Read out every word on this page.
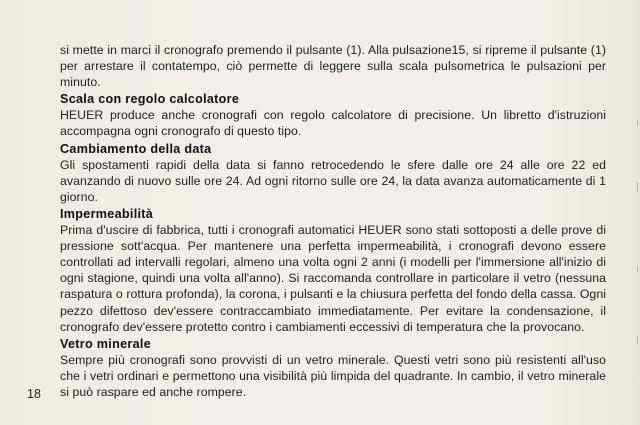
si mette in marci il cronografo premendo il pulsante (1). Alla pulsazione15, si ripreme il pulsante (1) per arrestare il contatempo, ciò permette di leggere sulla scala pulsometrica le pulsazioni per minuto.

Scala con regolo calcolatore

HEUER produce anche cronografi con regolo calcolatore di precisione. Un libretto d'istruzioni accompagna ogni cronografo di questo tipo.

Cambiamento della data

Gli spostamenti rapidi della data si fanno retrocedendo le sfere dalle ore 24 alle ore 22 ed avanzando di nuovo sulle ore 24. Ad ogni ritorno sulle ore 24, la data avanza automaticamente di 1 giorno.

Impermeabilità

Prima d'uscire di fabbrica, tutti i cronografi automatici HEUER sono stati sottoposti a delle prove di pressione sott'acqua. Per mantenere una perfetta impermeabilità, i cronografi devono essere controllati ad intervalli regolari, almeno una volta ogni 2 anni (i modelli per l'immersione all'inizio di ogni stagione, quindi una volta all'anno). Si raccomanda controllare in particolare il vetro (nessuna raspatura o rottura profonda), la corona, i pulsanti e la chiusura perfetta del fondo della cassa. Ogni pezzo difettoso dev'essere contraccambiato immediatamente. Per evitare la condensazione, il cronografo dev'essere protetto contro i cambiamenti eccessivi di temperatura che la provocano.

Vetro minerale

Sempre più cronografi sono provvisti di un vetro minerale. Questi vetri sono più resistenti all'uso che i vetri ordinari e permettono una visibilità più limpida del quadrante. In cambio, il vetro minerale si può raspare ed anche rompere.

18
